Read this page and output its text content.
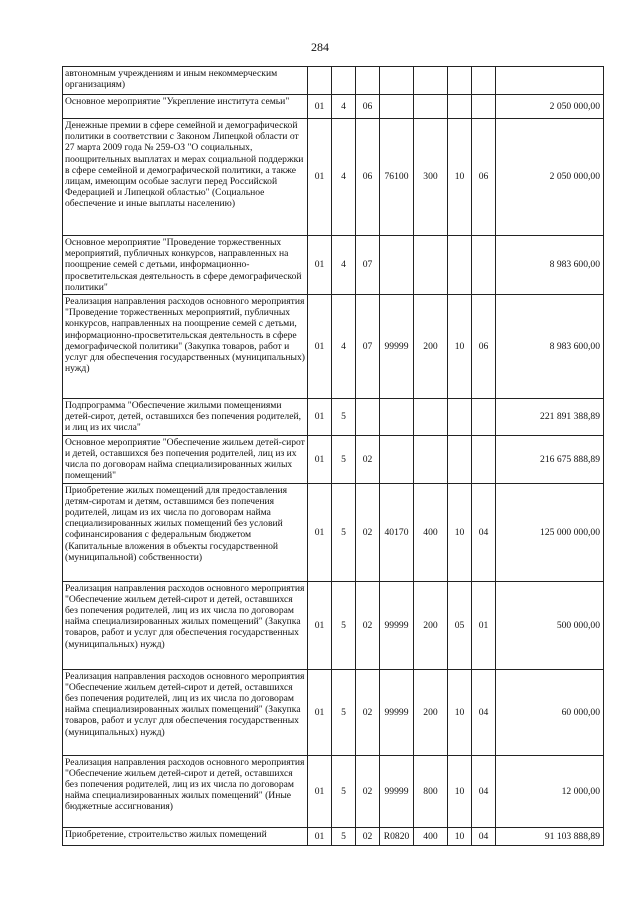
284
автономным учреждениям и иным некоммерческим организациям)								
Основное мероприятие "Укрепление института семьи"	01	4	06					2 050 000,00
Денежные премии в сфере семейной и демографической политики в соответствии с Законом Липецкой области от 27 марта 2009 года № 259-ОЗ "О социальных, поощрительных выплатах и мерах социальной поддержки в сфере семейной и демографической политики, а также лицам, имеющим особые заслуги перед Российской Федерацией и Липецкой областью" (Социальное обеспечение и иные выплаты населению)	01	4	06	76100	300	10	06	2 050 000,00
Основное мероприятие "Проведение торжественных мероприятий, публичных конкурсов, направленных на поощрение семей с детьми, информационно-просветительская деятельность в сфере демографической политики"	01	4	07					8 983 600,00
Реализация направления расходов основного мероприятия "Проведение торжественных мероприятий, публичных конкурсов, направленных на поощрение семей с детьми, информационно-просветительская деятельность в сфере демографической политики" (Закупка товаров, работ и услуг для обеспечения государственных (муниципальных) нужд)	01	4	07	99999	200	10	06	8 983 600,00
Подпрограмма "Обеспечение жилыми помещениями детей-сирот, детей, оставшихся без попечения родителей, и лиц из их числа"	01	5						221 891 388,89
Основное мероприятие "Обеспечение жильем детей-сирот и детей, оставшихся без попечения родителей, лиц из их числа по договорам найма специализированных жилых помещений"	01	5	02					216 675 888,89
Приобретение жилых помещений для предоставления детям-сиротам и детям, оставшимся без попечения родителей, лицам из их числа по договорам найма специализированных жилых помещений без условий софинансирования с федеральным бюджетом (Капитальные вложения в объекты государственной (муниципальной) собственности)	01	5	02	40170	400	10	04	125 000 000,00
Реализация направления расходов основного мероприятия "Обеспечение жильем детей-сирот и детей, оставшихся без попечения родителей, лиц из их числа по договорам найма специализированных жилых помещений" (Закупка товаров, работ и услуг для обеспечения государственных (муниципальных) нужд)	01	5	02	99999	200	05	01	500 000,00
Реализация направления расходов основного мероприятия "Обеспечение жильем детей-сирот и детей, оставшихся без попечения родителей, лиц из их числа по договорам найма специализированных жилых помещений" (Закупка товаров, работ и услуг для обеспечения государственных (муниципальных) нужд)	01	5	02	99999	200	10	04	60 000,00
Реализация направления расходов основного мероприятия "Обеспечение жильем детей-сирот и детей, оставшихся без попечения родителей, лиц из их числа по договорам найма специализированных жилых помещений" (Иные бюджетные ассигнования)	01	5	02	99999	800	10	04	12 000,00
Приобретение, строительство жилых помещений	01	5	02	R0820	400	10	04	91 103 888,89
